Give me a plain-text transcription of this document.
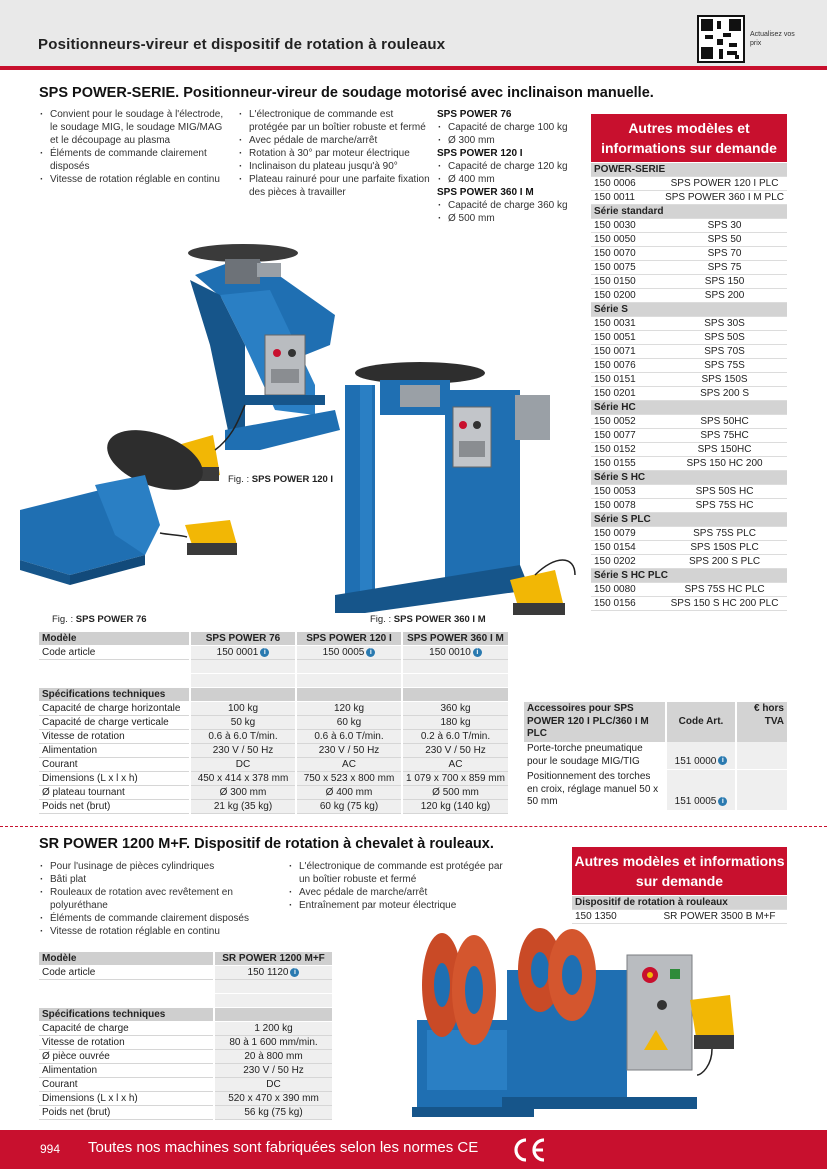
Positionneurs-vireur et dispositif de rotation à rouleaux
Actualisez vos prix
SPS POWER-SERIE. Positionneur-vireur de soudage motorisé avec inclinaison manuelle.
· Convient pour le soudage à l'électrode, le soudage MIG, le soudage MIG/MAG et le découpage au plasma
· Éléments de commande clairement disposés
· Vitesse de rotation réglable en continu
· L'électronique de commande est protégée par un boîtier robuste et fermé
· Avec pédale de marche/arrêt
· Rotation à 30° par moteur électrique
· Inclinaison du plateau jusqu'à 90°
· Plateau rainuré pour une parfaite fixation des pièces à travailler
SPS POWER 76
· Capacité de charge 100 kg
· Ø 300 mm
SPS POWER 120 I
· Capacité de charge 120 kg
· Ø 400 mm
SPS POWER 360 I M
· Capacité de charge 360 kg
· Ø 500 mm
Fig. : SPS POWER 120 I
Fig. : SPS POWER 76	Fig. : SPS POWER 360 I M
Modèle	SPS POWER 76	SPS POWER 120 I	SPS POWER 360 I M
Code article	150 0001 i	150 0005 i	150 0010 i

Spécifications techniques			
Capacité de charge horizontale	100 kg	120 kg	360 kg
Capacité de charge verticale	50 kg	60 kg	180 kg
Vitesse de rotation	0.6 à 6.0 T/min.	0.6 à 6.0 T/min.	0.2 à 6.0 T/min.
Alimentation	230 V / 50 Hz	230 V / 50 Hz	230 V / 50 Hz
Courant	DC	AC	AC
Dimensions (L x l x h)	450 x 414 x 378 mm	750 x 523 x 800 mm	1 079 x 700 x 859 mm
Ø plateau tournant	Ø 300 mm	Ø 400 mm	Ø 500 mm
Poids net (brut)	21 kg (35 kg)	60 kg (75 kg)	120 kg (140 kg)
Autres modèles et informations sur demande
POWER-SERIE	
150 0006	SPS POWER 120 I PLC
150 0011	SPS POWER 360 I M PLC
Série standard	
150 0030	SPS 30
150 0050	SPS 50
150 0070	SPS 70
150 0075	SPS 75
150 0150	SPS 150
150 0200	SPS 200
Série S	
150 0031	SPS 30S
150 0051	SPS 50S
150 0071	SPS 70S
150 0076	SPS 75S
150 0151	SPS 150S
150 0201	SPS 200 S
Série HC	
150 0052	SPS 50HC
150 0077	SPS 75HC
150 0152	SPS 150HC
150 0155	SPS 150 HC 200
Série S HC	
150 0053	SPS 50S HC
150 0078	SPS 75S HC
Série S PLC	
150 0079	SPS 75S PLC
150 0154	SPS 150S PLC
150 0202	SPS 200 S PLC
Série S HC PLC	
150 0080	SPS 75S HC PLC
150 0156	SPS 150 S HC 200 PLC
Accessoires pour SPS POWER 120 I PLC/360 I M PLC	Code Art.	€ hors TVA
Porte-torche pneumatique pour le soudage MIG/TIG	151 0000 i	
Positionnement des torches en croix, réglage manuel 50 x 50 mm	151 0005 i	
SR POWER 1200 M+F. Dispositif de rotation à chevalet à rouleaux.
· Pour l'usinage de pièces cylindriques
· Bâti plat
· Rouleaux de rotation avec revêtement en polyuréthane
· Éléments de commande clairement disposés
· Vitesse de rotation réglable en continu
· L'électronique de commande est protégée par un boîtier robuste et fermé
· Avec pédale de marche/arrêt
· Entraînement par moteur électrique
Modèle	SR POWER 1200 M+F
Code article	150 1120 i

Spécifications techniques	
Capacité de charge	1 200 kg
Vitesse de rotation	80 à 1 600 mm/min.
Ø pièce ouvrée	20 à 800 mm
Alimentation	230 V / 50 Hz
Courant	DC
Dimensions (L x l x h)	520 x 470 x 390 mm
Poids net (brut)	56 kg (75 kg)
Autres modèles et informations sur demande
Dispositif de rotation à rouleaux
150 1350	SR POWER 3500 B M+F
994 Toutes nos machines sont fabriquées selon les normes CE
